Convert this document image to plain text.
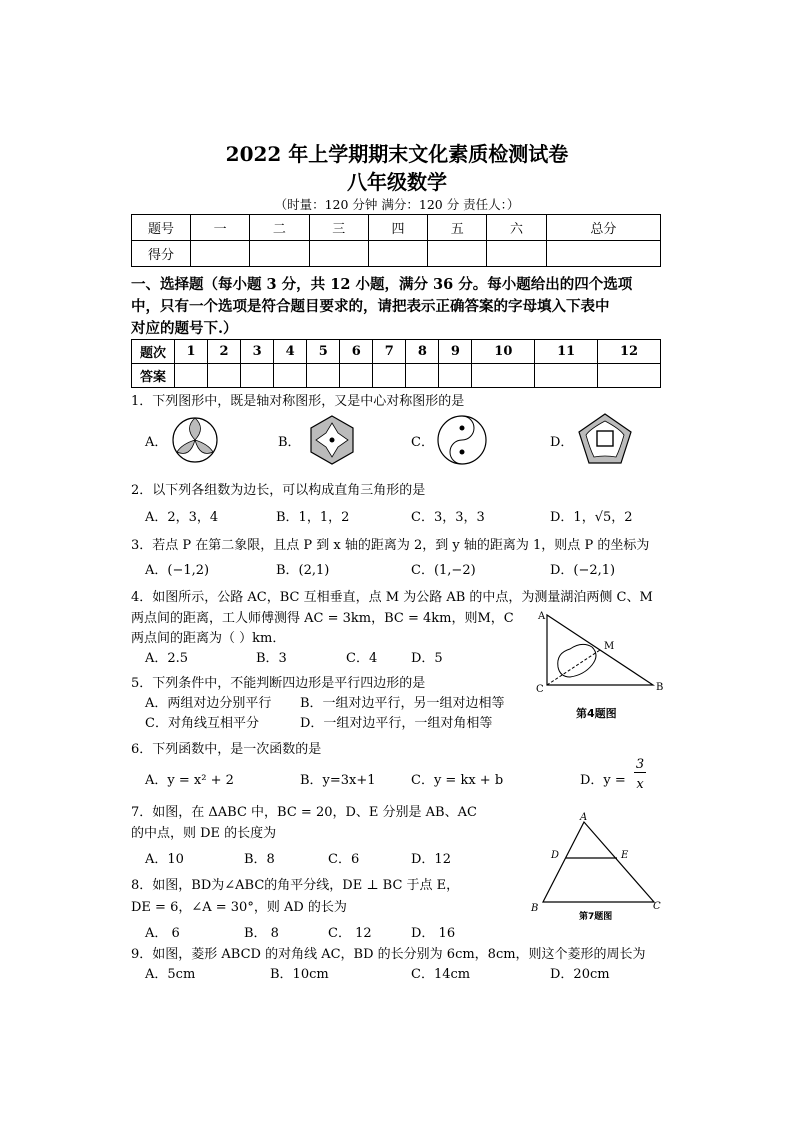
2022 年上学期期末文化素质检测试卷
八年级数学
（时量：120 分钟 满分：120 分 责任人：）
题号	一	二	三	四	五	六	总分
得分							
一、选择题（每小题 3 分，共 12 小题，满分 36 分。每小题给出的四个选项
中，只有一个选项是符合题目要求的，请把表示正确答案的字母填入下表中
对应的题号下.）
题次	1	2	3	4	5	6	7	8	9	10	11	12
答案												
1．下列图形中，既是轴对称图形，又是中心对称图形的是
A．	B．	C．	D．
2．以下列各组数为边长，可以构成直角三角形的是
A．2，3，4	B．1，1，2	C．3，3，3	D．1，√5，2
3．若点 P 在第二象限，且点 P 到 x 轴的距离为 2，到 y 轴的距离为 1，则点 P 的坐标为
A．(−1,2)	B．(2,1)	C．(1,−2)	D．(−2,1)
4．如图所示，公路 AC，BC 互相垂直，点 M 为公路 AB 的中点，为测量湖泊两侧 C、M
两点间的距离，工人师傅测得 AC = 3km，BC = 4km，则M，C
两点间的距离为（ ）km．
A．2.5	B．3	C．4	D．5
A
M
C	B
第4题图
5．下列条件中，不能判断四边形是平行四边形的是
A．两组对边分别平行 B．一组对边平行，另一组对边相等
C．对角线互相平分	D．一组对边平行，一组对角相等
6．下列函数中，是一次函数的是
A．y = x² + 2	B．y=3x+1	C．y = kx + b	D．y =
3
x
7．如图，在 ΔABC 中，BC = 20，D、E 分别是 AB、AC
的中点，则 DE 的长度为
A．10	B．8	C．6	D．12
A
D	E
B	C
第7题图
8．如图，BD为∠ABC的角平分线，DE ⊥ BC 于点 E，
DE = 6，∠A = 30°，则 AD 的长为
A． 6	B． 8	C． 12	D． 16
9．如图，菱形 ABCD 的对角线 AC，BD 的长分别为 6cm，8cm，则这个菱形的周长为
A．5cm	B．10cm	C．14cm	D．20cm
